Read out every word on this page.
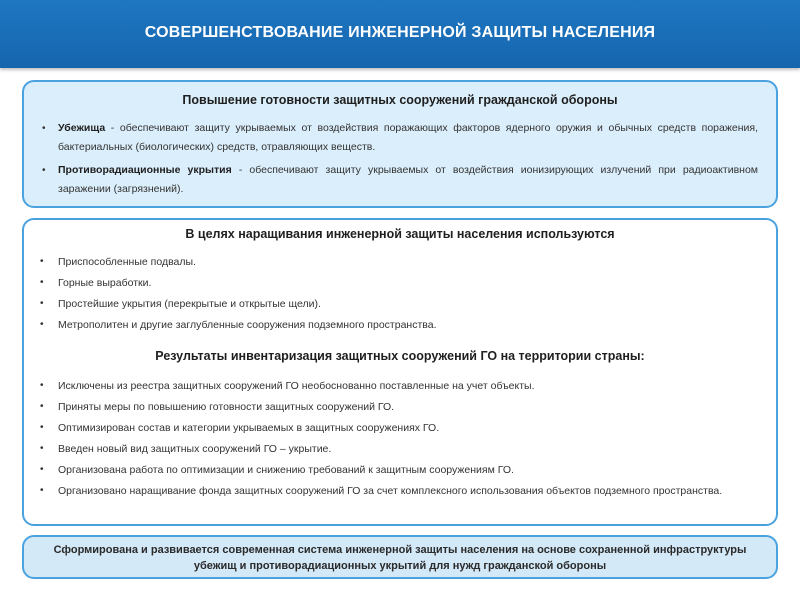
СОВЕРШЕНСТВОВАНИЕ ИНЖЕНЕРНОЙ ЗАЩИТЫ НАСЕЛЕНИЯ
Повышение готовности защитных сооружений гражданской обороны
• Убежища - обеспечивают защиту укрываемых от воздействия поражающих факторов ядерного оружия и обычных средств поражения, бактериальных (биологических) средств, отравляющих веществ.
• Противорадиационные укрытия - обеспечивают защиту укрываемых от воздействия ионизирующих излучений при радиоактивном заражении (загрязнений).
В целях наращивания инженерной защиты населения используются
• Приспособленные подвалы.
• Горные выработки.
• Простейшие укрытия (перекрытые и открытые щели).
• Метрополитен и другие заглубленные сооружения подземного пространства.
Результаты инвентаризация защитных сооружений ГО на территории страны:
• Исключены из реестра защитных сооружений ГО необоснованно поставленные на учет объекты.
• Приняты меры по повышению готовности защитных сооружений ГО.
• Оптимизирован состав и категории укрываемых в защитных сооружениях ГО.
• Введен новый вид защитных сооружений ГО ‒ укрытие.
• Организована работа по оптимизации и снижению требований к защитным сооружениям ГО.
• Организовано наращивание фонда защитных сооружений ГО за счет комплексного использования объектов подземного пространства.
Сформирована и развивается современная система инженерной защиты населения на основе сохраненной инфраструктуры убежищ и противорадиационных укрытий для нужд гражданской обороны
